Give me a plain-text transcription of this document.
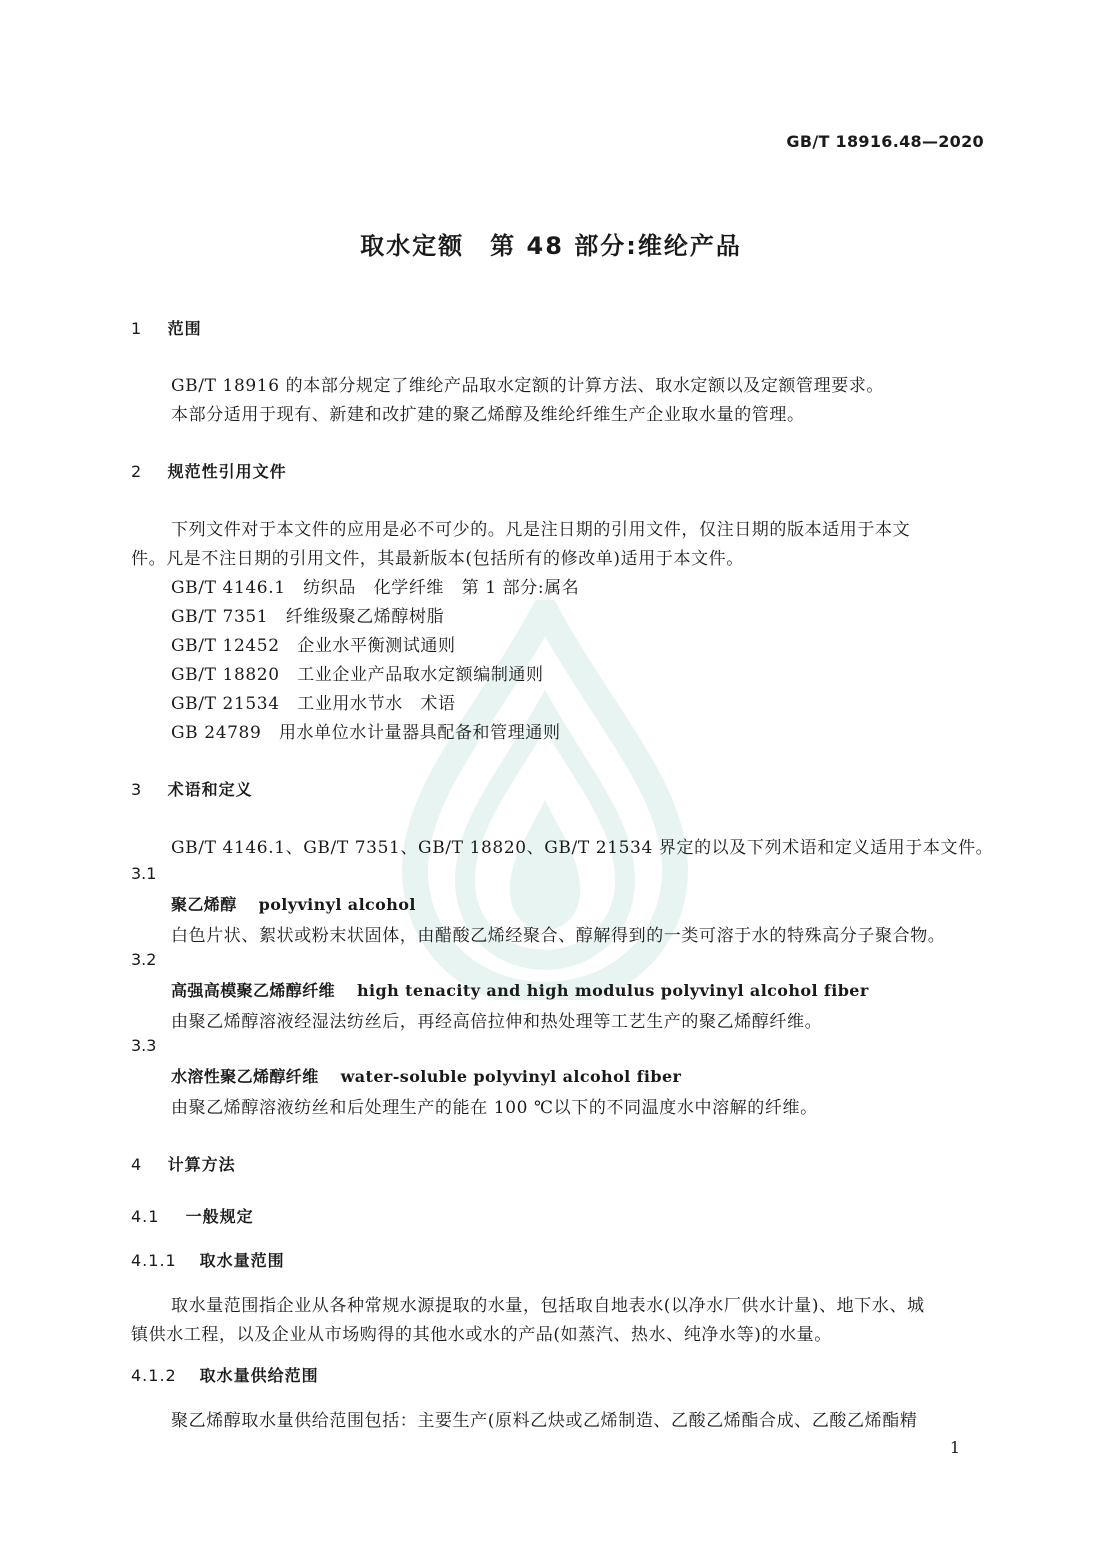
GB/T 18916.48—2020
取水定额　第 48 部分:维纶产品
1 范围
GB/T 18916 的本部分规定了维纶产品取水定额的计算方法、取水定额以及定额管理要求。
本部分适用于现有、新建和改扩建的聚乙烯醇及维纶纤维生产企业取水量的管理。
2 规范性引用文件
下列文件对于本文件的应用是必不可少的。凡是注日期的引用文件，仅注日期的版本适用于本文
件。凡是不注日期的引用文件，其最新版本(包括所有的修改单)适用于本文件。
GB/T 4146.1　纺织品　化学纤维　第 1 部分:属名
GB/T 7351　纤维级聚乙烯醇树脂
GB/T 12452　企业水平衡测试通则
GB/T 18820　工业企业产品取水定额编制通则
GB/T 21534　工业用水节水　术语
GB 24789　用水单位水计量器具配备和管理通则
3 术语和定义
GB/T 4146.1、GB/T 7351、GB/T 18820、GB/T 21534 界定的以及下列术语和定义适用于本文件。
3.1
聚乙烯醇 polyvinyl alcohol
白色片状、絮状或粉末状固体，由醋酸乙烯经聚合、醇解得到的一类可溶于水的特殊高分子聚合物。
3.2
高强高模聚乙烯醇纤维 high tenacity and high modulus polyvinyl alcohol fiber
由聚乙烯醇溶液经湿法纺丝后，再经高倍拉伸和热处理等工艺生产的聚乙烯醇纤维。
3.3
水溶性聚乙烯醇纤维 water-soluble polyvinyl alcohol fiber
由聚乙烯醇溶液纺丝和后处理生产的能在 100 ℃以下的不同温度水中溶解的纤维。
4 计算方法
4.1 一般规定
4.1.1 取水量范围
取水量范围指企业从各种常规水源提取的水量，包括取自地表水(以净水厂供水计量)、地下水、城
镇供水工程，以及企业从市场购得的其他水或水的产品(如蒸汽、热水、纯净水等)的水量。
4.1.2 取水量供给范围
聚乙烯醇取水量供给范围包括：主要生产(原料乙炔或乙烯制造、乙酸乙烯酯合成、乙酸乙烯酯精
1
